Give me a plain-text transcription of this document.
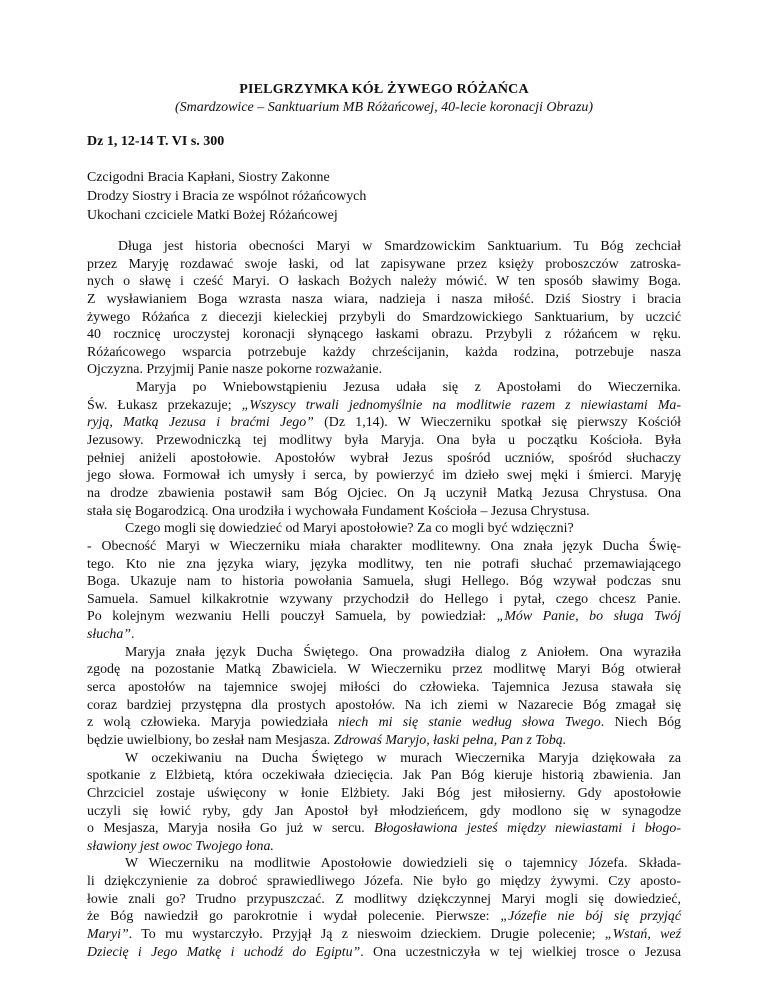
PIELGRZYMKA KÓŁ ŻYWEGO RÓŻAŃCA
(Smardzowice – Sanktuarium MB Różańcowej, 40-lecie koronacji Obrazu)
Dz 1, 12-14 T. VI s. 300
Czcigodni Bracia Kapłani, Siostry Zakonne
Drodzy Siostry i Bracia ze wspólnot różańcowych
Ukochani czciciele Matki Bożej Różańcowej
Długa jest historia obecności Maryi w Smardzowickim Sanktuarium. Tu Bóg zechciał
przez Maryję rozdawać swoje łaski, od lat zapisywane przez księży proboszczów zatroska-
nych o sławę i cześć Maryi. O łaskach Bożych należy mówić. W ten sposób sławimy Boga.
Z wysławianiem Boga wzrasta nasza wiara, nadzieja i nasza miłość. Dziś Siostry i bracia
żywego Różańca z diecezji kieleckiej przybyli do Smardzowickiego Sanktuarium, by uczcić
40 rocznicę uroczystej koronacji słynącego łaskami obrazu. Przybyli z różańcem w ręku.
Różańcowego wsparcia potrzebuje każdy chrześcijanin, każda rodzina, potrzebuje nasza
Ojczyzna. Przyjmij Panie nasze pokorne rozważanie.
Maryja po Wniebowstąpieniu Jezusa udała się z Apostołami do Wieczernika.
Św. Łukasz przekazuje; „Wszyscy trwali jednomyślnie na modlitwie razem z niewiastami Ma-
ryją, Matką Jezusa i braćmi Jego” (Dz 1,14). W Wieczerniku spotkał się pierwszy Kościół
Jezusowy. Przewodniczką tej modlitwy była Maryja. Ona była u początku Kościoła. Była
pełniej aniżeli apostołowie. Apostołów wybrał Jezus spośród uczniów, spośród słuchaczy
jego słowa. Formował ich umysły i serca, by powierzyć im dzieło swej męki i śmierci. Maryję
na drodze zbawienia postawił sam Bóg Ojciec. On Ją uczynił Matką Jezusa Chrystusa. Ona
stała się Bogarodzicą. Ona urodziła i wychowała Fundament Kościoła – Jezusa Chrystusa.
Czego mogli się dowiedzieć od Maryi apostołowie? Za co mogli być wdzięczni?
- Obecność Maryi w Wieczerniku miała charakter modlitewny. Ona znała język Ducha Świę-
tego. Kto nie zna języka wiary, języka modlitwy, ten nie potrafi słuchać przemawiającego
Boga. Ukazuje nam to historia powołania Samuela, sługi Hellego. Bóg wzywał podczas snu
Samuela. Samuel kilkakrotnie wzywany przychodził do Hellego i pytał, czego chcesz Panie.
Po kolejnym wezwaniu Helli pouczył Samuela, by powiedział: „Mów Panie, bo sługa Twój
słucha”.
Maryja znała język Ducha Świętego. Ona prowadziła dialog z Aniołem. Ona wyraziła
zgodę na pozostanie Matką Zbawiciela. W Wieczerniku przez modlitwę Maryi Bóg otwierał
serca apostołów na tajemnice swojej miłości do człowieka. Tajemnica Jezusa stawała się
coraz bardziej przystępna dla prostych apostołów. Na ich ziemi w Nazarecie Bóg zmagał się
z wolą człowieka. Maryja powiedziała niech mi się stanie według słowa Twego. Niech Bóg
będzie uwielbiony, bo zesłał nam Mesjasza. Zdrowaś Maryjo, łaski pełna, Pan z Tobą.
W oczekiwaniu na Ducha Świętego w murach Wieczernika Maryja dziękowała za
spotkanie z Elżbietą, która oczekiwała dziecięcia. Jak Pan Bóg kieruje historią zbawienia. Jan
Chrzciciel zostaje uświęcony w łonie Elżbiety. Jaki Bóg jest miłosierny. Gdy apostołowie
uczyli się łowić ryby, gdy Jan Apostoł był młodzieńcem, gdy modlono się w synagodze
o Mesjasza, Maryja nosiła Go już w sercu. Błogosławiona jesteś między niewiastami i błogo-
sławiony jest owoc Twojego łona.
W Wieczerniku na modlitwie Apostołowie dowiedzieli się o tajemnicy Józefa. Składa-
li dziękczynienie za dobroć sprawiedliwego Józefa. Nie było go między żywymi. Czy aposto-
łowie znali go? Trudno przypuszczać. Z modlitwy dziękczynnej Maryi mogli się dowiedzieć,
że Bóg nawiedził go parokrotnie i wydał polecenie. Pierwsze: „Józefie nie bój się przyjąć
Maryi”. To mu wystarczyło. Przyjął Ją z nieswoim dzieckiem. Drugie polecenie; „Wstań, weź
Dziecię i Jego Matkę i uchodź do Egiptu”. Ona uczestniczyła w tej wielkiej trosce o Jezusa
